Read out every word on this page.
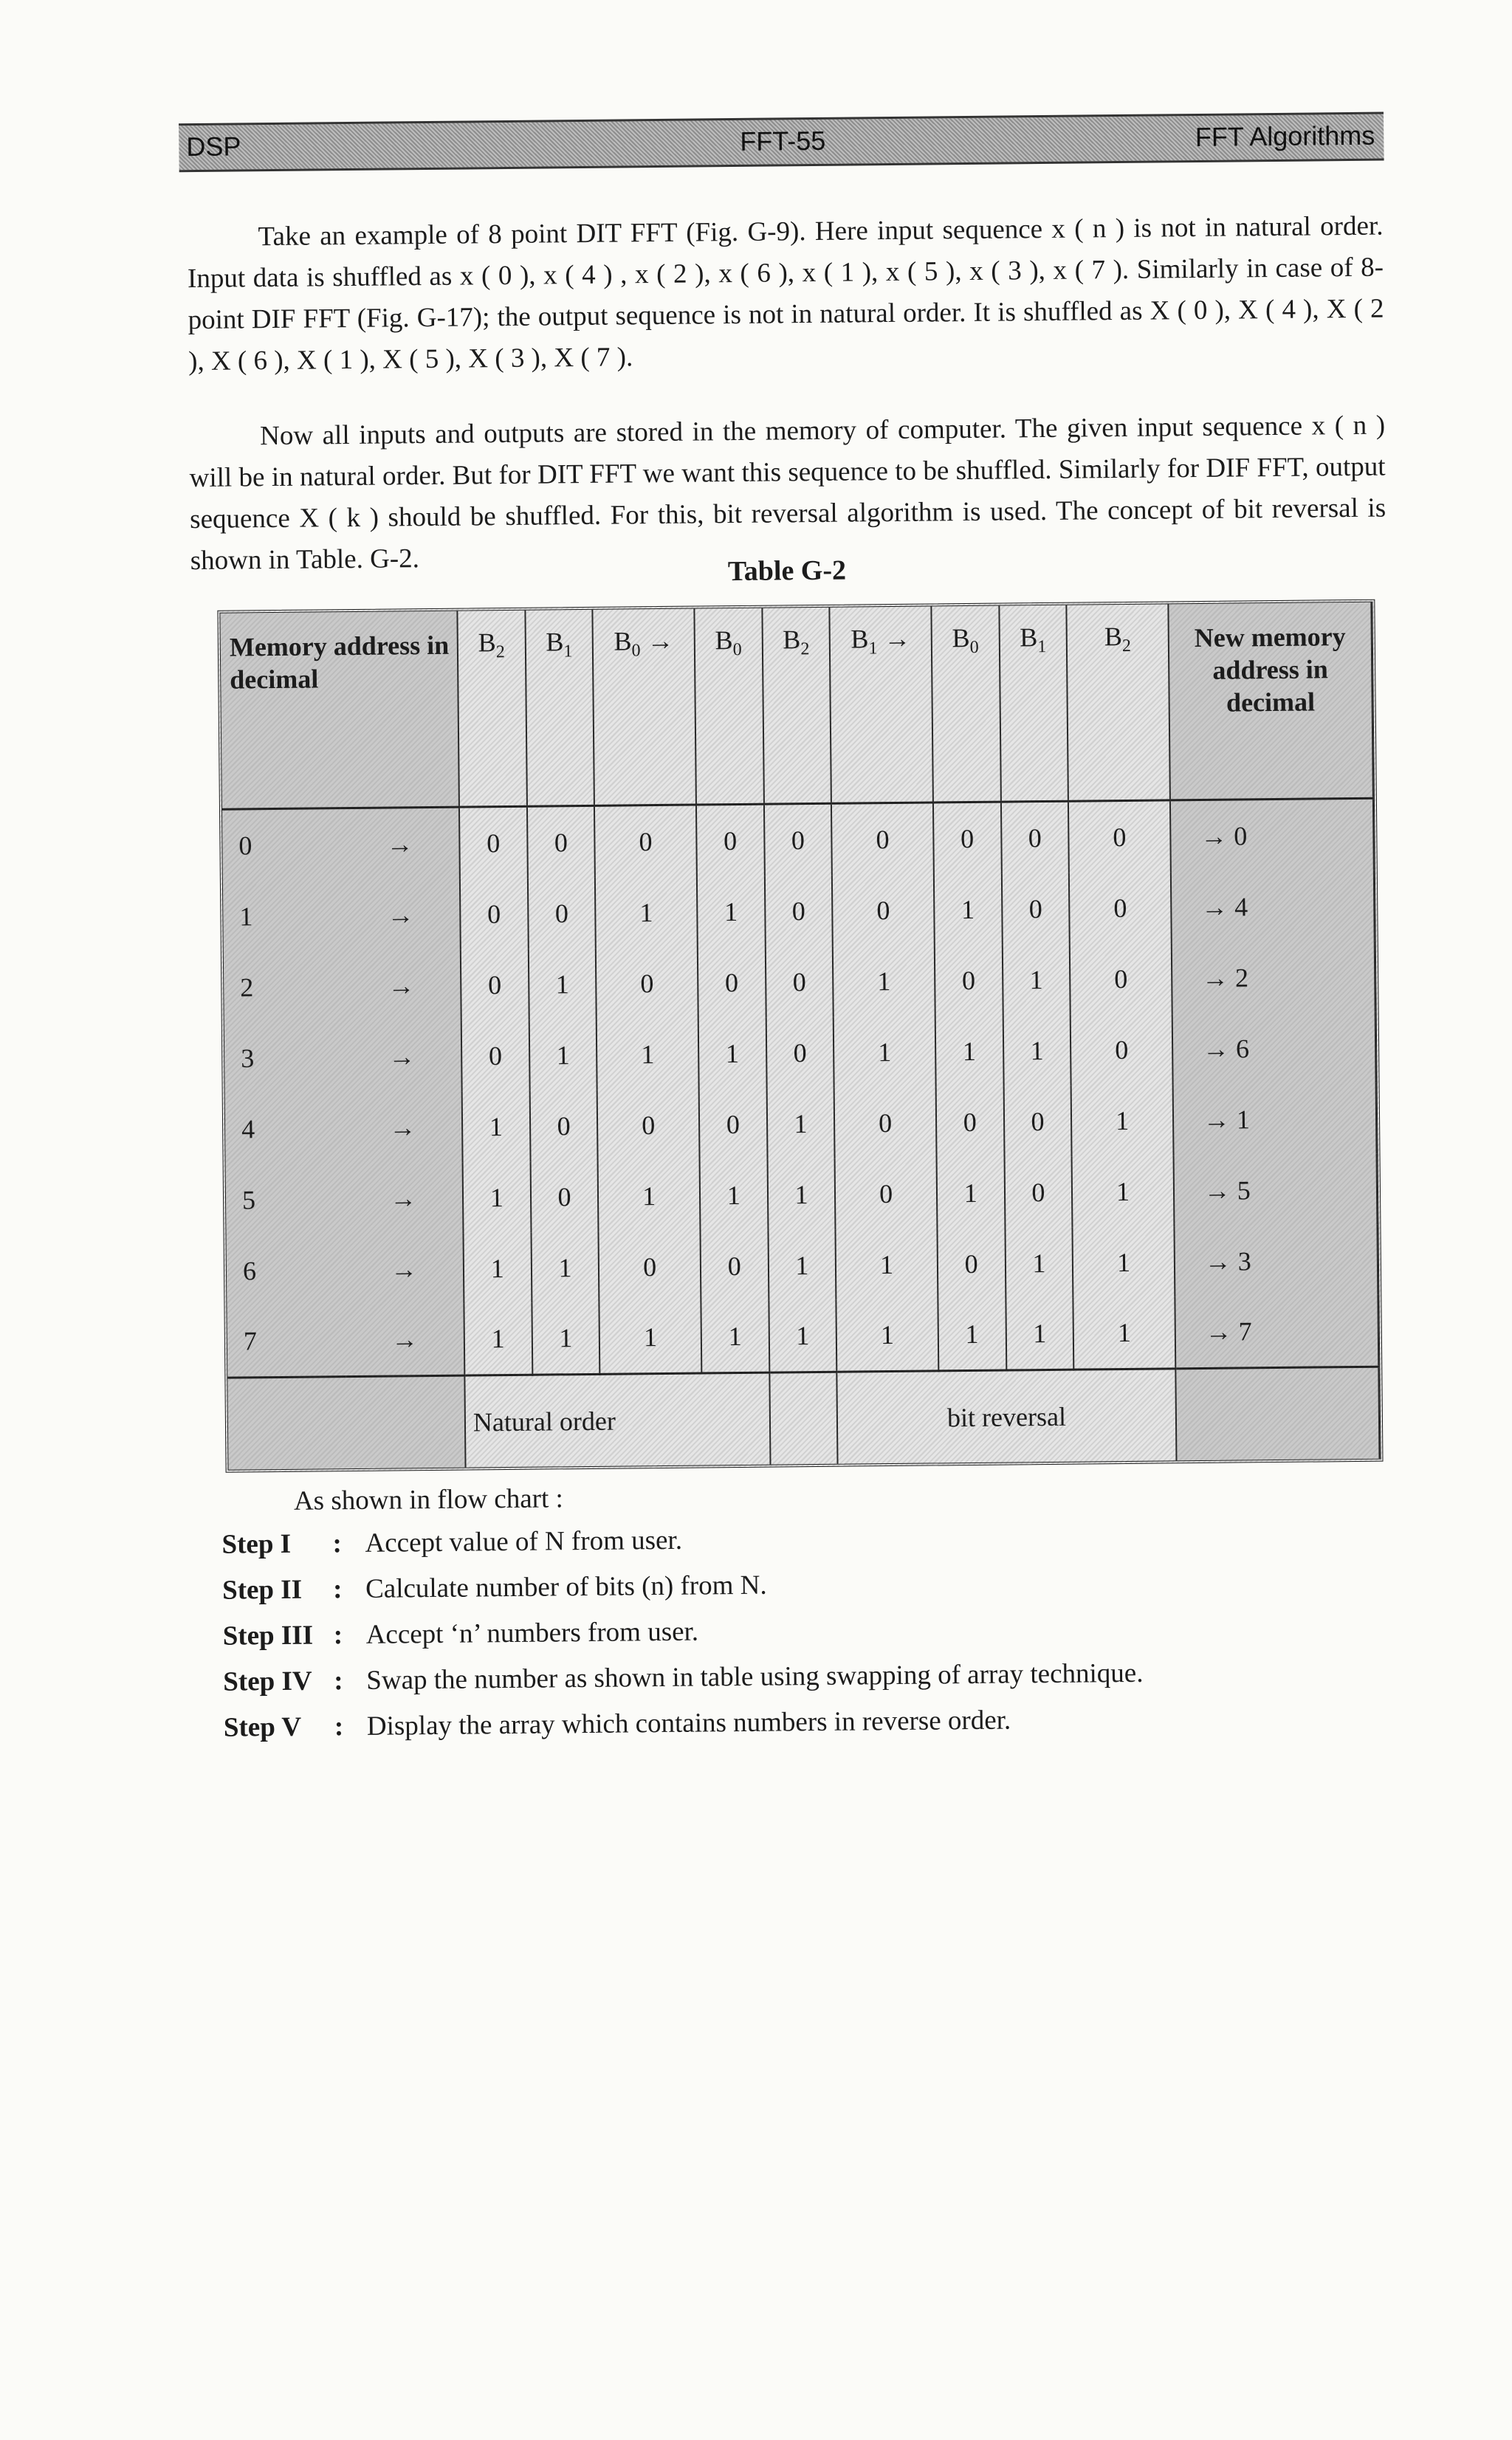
DSP	FFT-55	FFT Algorithms

Take an example of 8 point DIT FFT (Fig. G-9). Here input sequence x ( n ) is not in natural order. Input data is shuffled as x ( 0 ), x ( 4 ) , x ( 2 ), x ( 6 ), x ( 1 ), x ( 5 ), x ( 3 ), x ( 7 ). Similarly in case of 8-point DIF FFT (Fig. G-17); the output sequence is not in natural order. It is shuffled as X ( 0 ), X ( 4 ), X ( 2 ), X ( 6 ), X ( 1 ), X ( 5 ), X ( 3 ), X ( 7 ).

Now all inputs and outputs are stored in the memory of computer. The given input sequence x ( n ) will be in natural order. But for DIT FFT we want this sequence to be shuffled. Similarly for DIF FFT, output sequence X ( k ) should be shuffled. For this, bit reversal algorithm is used. The concept of bit reversal is shown in Table. G-2.	Table G-2
Memory address in decimal		$B_2$	$B_1$	$B_0$ →	$B_0$	$B_2$	$B_1$ →	$B_0$	$B_1$	$B_2$	New memory address in decimal
0	→	0	0	0	0	0	0	0	0	0	→ 0
1	→	0	0	1	1	0	0	1	0	0	→ 4
2	→	0	1	0	0	0	1	0	1	0	→ 2
3	→	0	1	1	1	0	1	1	1	0	→ 6
4	→	1	0	0	0	1	0	0	0	1	→ 1
5	→	1	0	1	1	1	0	1	0	1	→ 5
6	→	1	1	0	0	1	1	0	1	1	→ 3
7	→	1	1	1	1	1	1	1	1	1	→ 7
		Natural order					bit reversal				
As shown in flow chart :
Step I	: Accept value of N from user.
Step II	: Calculate number of bits (n) from N.
Step III : Accept ‘n’ numbers from user.
Step IV : Swap the number as shown in table using swapping of array technique.
Step V	: Display the array which contains numbers in reverse order.
